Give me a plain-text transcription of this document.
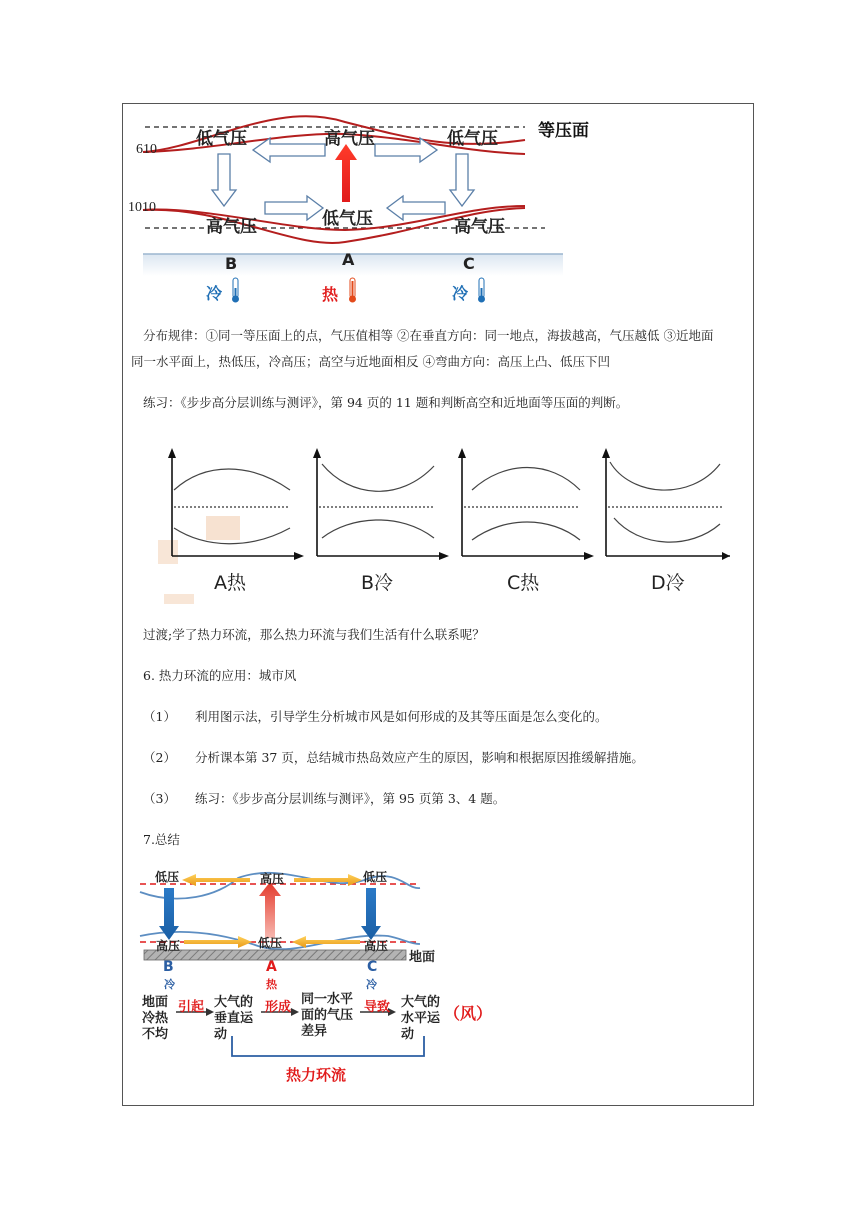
等压面
610
1010
低气压	高气压	低气压
高气压	低气压	高气压
B	A	C
冷	热	冷
分布规律：①同一等压面上的点，气压值相等 ②在垂直方向：同一地点，海拔越高，气压越低 ③近地面
同一水平面上，热低压，冷高压；高空与近地面相反 ④弯曲方向：高压上凸、低压下凹
练习：《步步高分层训练与测评》，第 94 页的 11 题和判断高空和近地面等压面的判断。
A热	B冷	C热	D冷
过渡;学了热力环流，那么热力环流与我们生活有什么联系呢？
6. 热力环流的应用：城市风
（1） 利用图示法，引导学生分析城市风是如何形成的及其等压面是怎么变化的。
（2） 分析课本第 37 页，总结城市热岛效应产生的原因，影响和根据原因推缓解措施。
（3） 练习：《步步高分层训练与测评》，第 95 页第 3、4 题。
7.总结
低压	高压	低压
高压	低压	高压
地面
B	A	C
冷	热	冷
地面
冷热
不均
引起 大气的
垂直运
动
形成
同一水平
面的气压
差异
导致 大气的
水平运
动
（风）
热力环流
